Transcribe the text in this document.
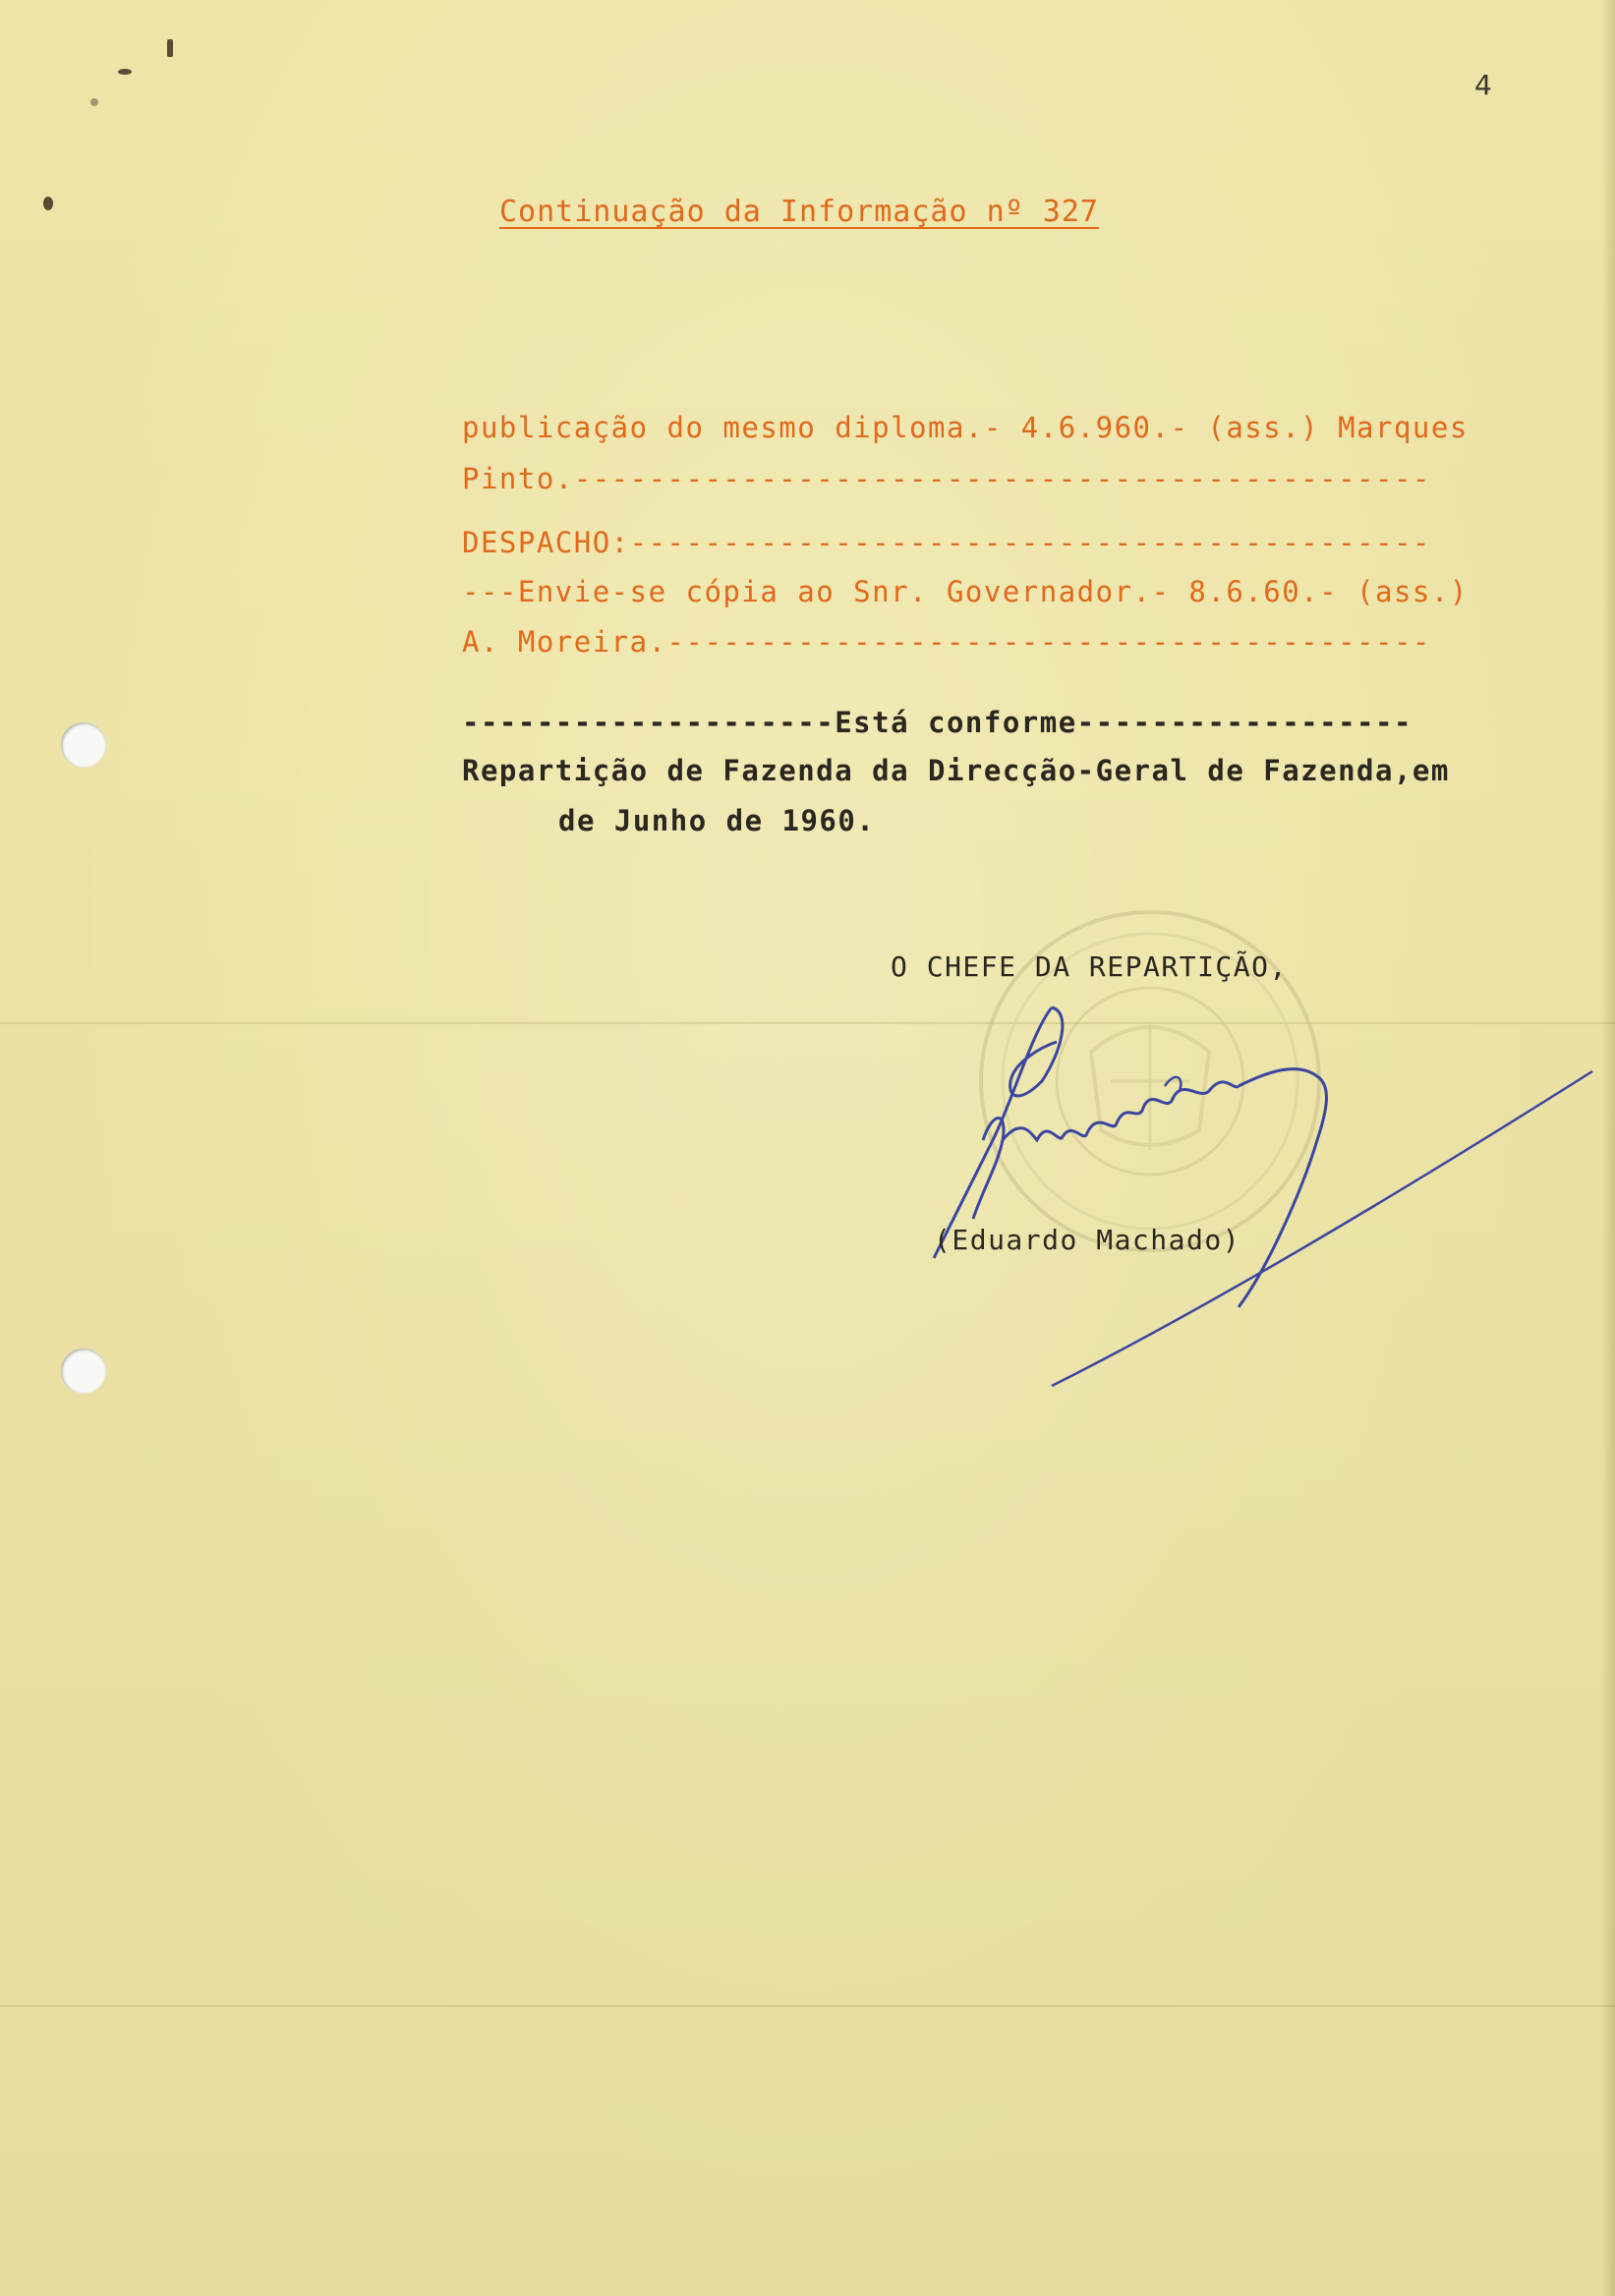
4
Continuação da Informação nº 327
publicação do mesmo diploma.- 4.6.960.- (ass.) Marques
Pinto.----------------------------------------------
DESPACHO:-------------------------------------------
---Envie-se cópia ao Snr. Governador.- 8.6.60.- (ass.)
A. Moreira.-----------------------------------------
--------------------Está conforme------------------
Repartição de Fazenda da Direcção-Geral de Fazenda,em
de Junho de 1960.
O CHEFE DA REPARTIÇÃO,
(Eduardo Machado)
